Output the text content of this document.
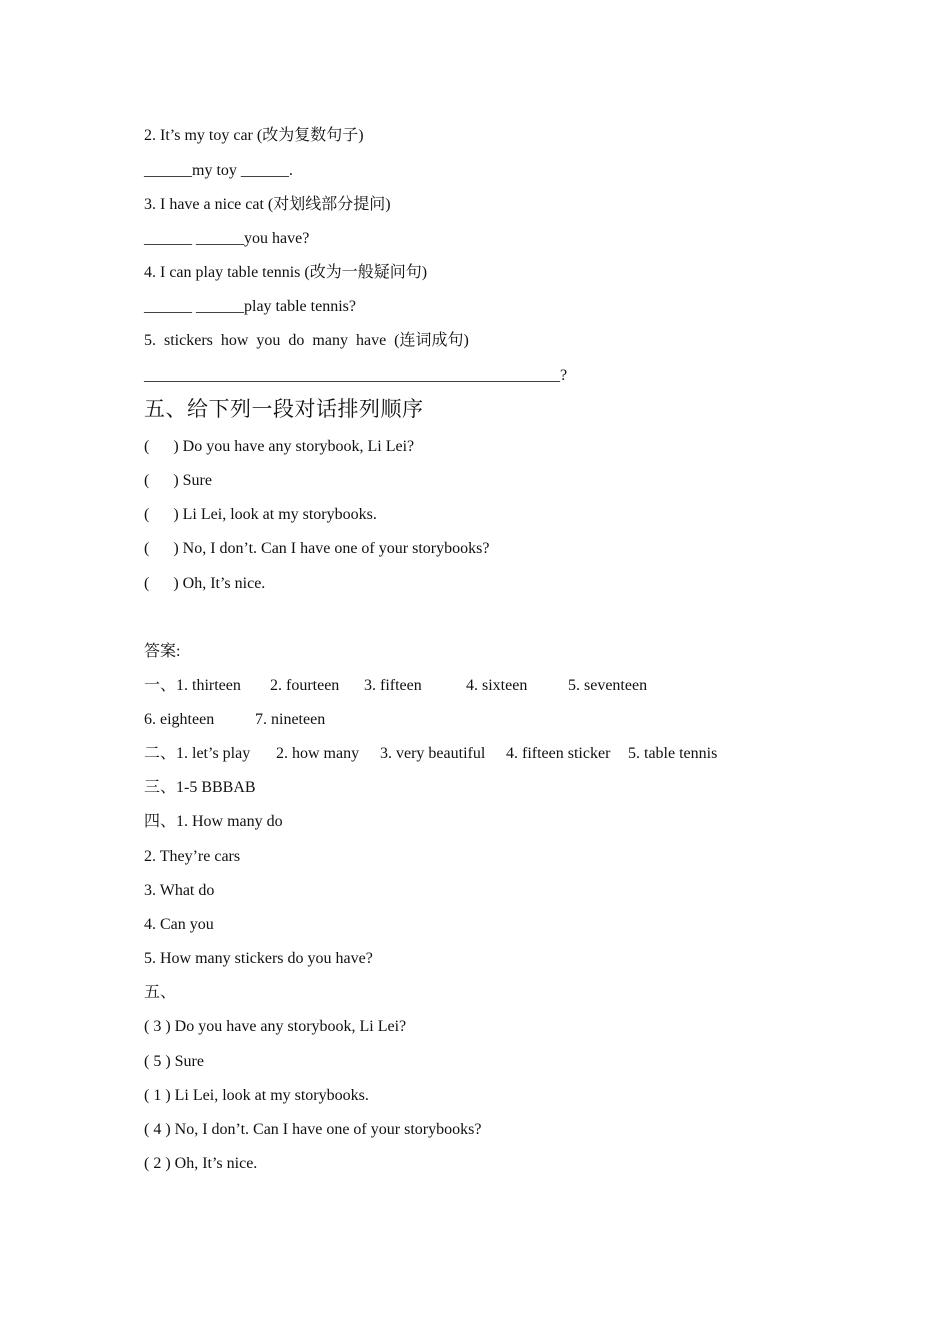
2. It’s my toy car (改为复数句子)
______my toy ______.
3. I have a nice cat (对划线部分提问)
______ ______you have?
4. I can play table tennis (改为一般疑问句)
______ ______play table tennis?
5.  stickers  how  you  do  many  have  (连词成句)
____________________________________________________?
五、给下列一段对话排列顺序
(      ) Do you have any storybook, Li Lei?
(      ) Sure
(      ) Li Lei, look at my storybooks.
(      ) No, I don’t. Can I have one of your storybooks?
(      ) Oh, It’s nice.
答案:
一、1. thirteen 2. fourteen 3. fifteen	4. sixteen	5. seventeen
6. eighteen	7. nineteen
二、1. let’s play 2. how many 3. very beautiful 4. fifteen sticker 5. table tennis
三、1-5 BBBAB
四、1. How many do
2. They’re cars
3. What do
4. Can you
5. How many stickers do you have?
五、
( 3 ) Do you have any storybook, Li Lei?
( 5 ) Sure
( 1 ) Li Lei, look at my storybooks.
( 4 ) No, I don’t. Can I have one of your storybooks?
( 2 ) Oh, It’s nice.
